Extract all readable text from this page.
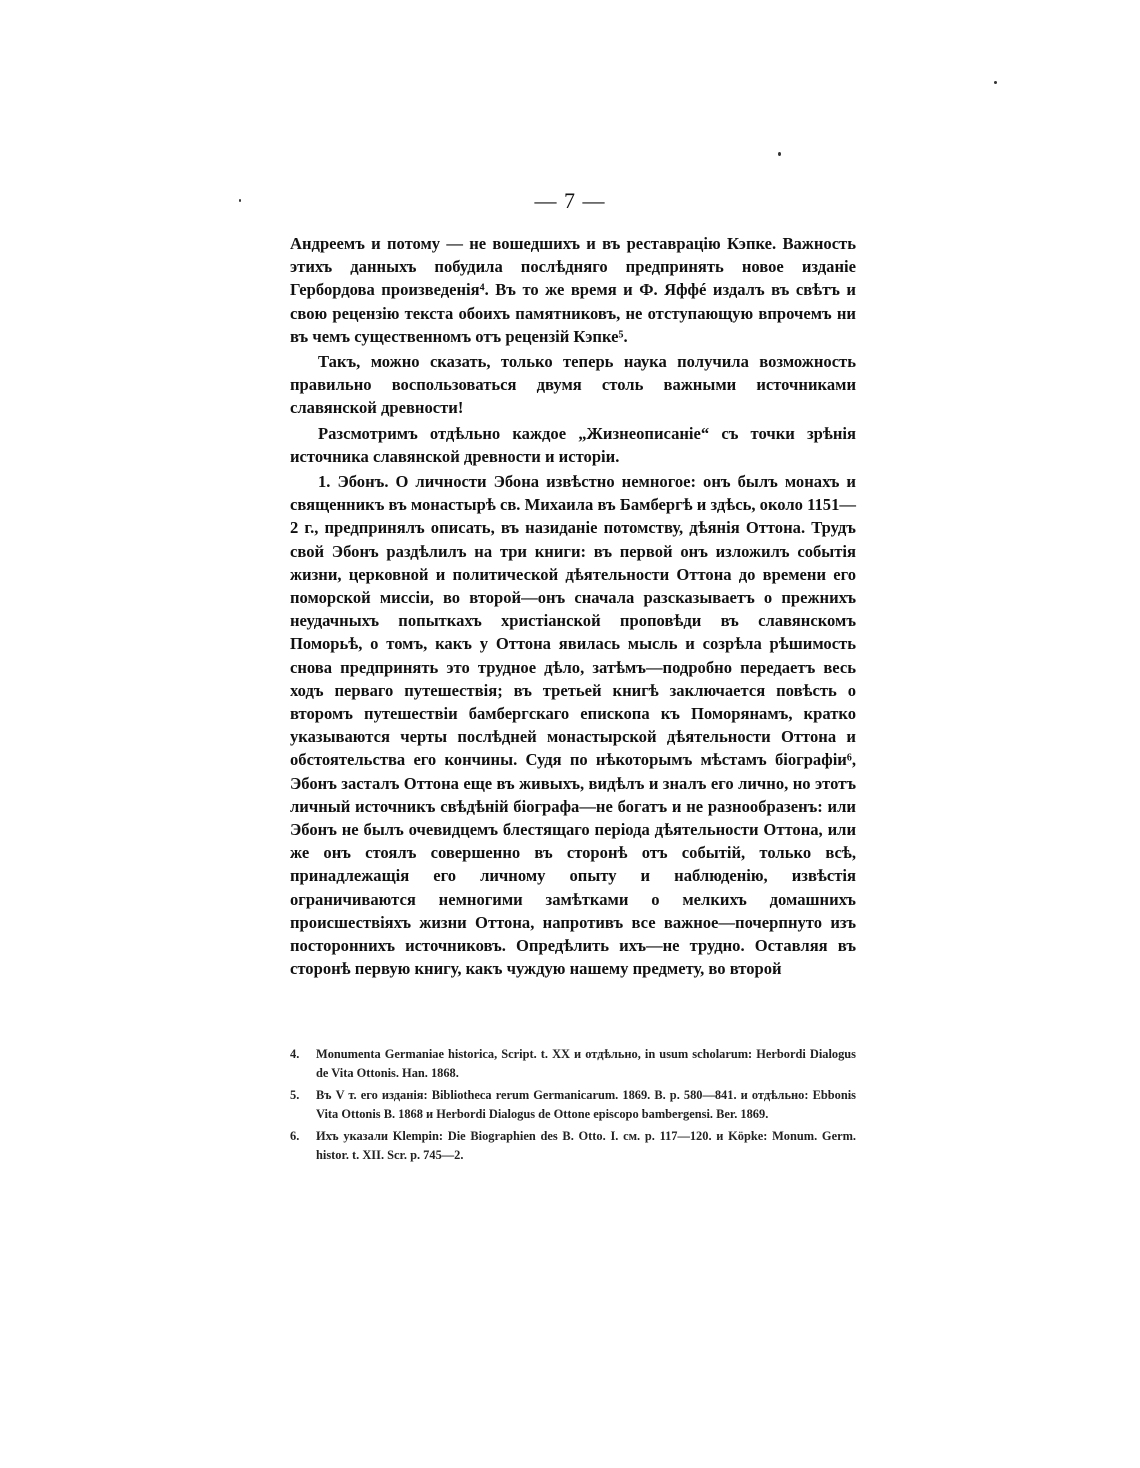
— 7 —

Андреемъ и потому — не вошедшихъ и въ реставрацію Кэпке. Важность этихъ данныхъ побудила послѣдняго предпринять новое изданіе Гербордова произведенія⁴. Въ то же время и Ф. Яффé издалъ въ свѣтъ и свою рецензію текста обоихъ памятниковъ, не отступающую впрочемъ ни въ чемъ существенномъ отъ рецензій Кэпке⁵.

Такъ, можно сказать, только теперь наука получила возможность правильно воспользоваться двумя столь важными источниками славянской древности!

Разсмотримъ отдѣльно каждое „Жизнеописаніе“ съ точки зрѣнія источника славянской древности и исторіи.

1. Эбонъ. О личности Эбона извѣстно немногое: онъ былъ монахъ и священникъ въ монастырѣ св. Михаила въ Бамбергѣ и здѣсь, около 1151—2 г., предпринялъ описать, въ назиданіе потомству, дѣянія Оттона. Трудъ свой Эбонъ раздѣлилъ на три книги: въ первой онъ изложилъ событія жизни, церковной и политической дѣятельности Оттона до времени его поморской миссіи, во второй—онъ сначала разсказываетъ о прежнихъ неудачныхъ попыткахъ христіанской проповѣди въ славянскомъ Поморьѣ, о томъ, какъ у Оттона явилась мысль и созрѣла рѣшимость снова предпринять это трудное дѣло, затѣмъ—подробно передаетъ весь ходъ перваго путешествія; въ третьей книгѣ заключается повѣсть о второмъ путешествіи бамбергскаго епископа къ Поморянамъ, кратко указываются черты послѣдней монастырской дѣятельности Оттона и обстоятельства его кончины. Судя по нѣкоторымъ мѣстамъ біографіи⁶, Эбонъ засталъ Оттона еще въ живыхъ, видѣлъ и зналъ его лично, но этотъ личный источникъ свѣдѣній біографа—не богатъ и не разнообразенъ: или Эбонъ не былъ очевидцемъ блестящаго періода дѣятельности Оттона, или же онъ стоялъ совершенно въ сторонѣ отъ событій, только всѣ, принадлежащія его личному опыту и наблюденію, извѣстія ограничиваются немногими замѣтками о мелкихъ домашнихъ происшествіяхъ жизни Оттона, напротивъ все важное—почерпнуто изъ постороннихъ источниковъ. Опредѣлить ихъ—не трудно. Оставляя въ сторонѣ первую книгу, какъ чуждую нашему предмету, во второй

4. Monumenta Germaniae historica, Script. t. XX и отдѣльно, in usum scholarum: Herbordi Dialogus de Vita Ottonis. Han. 1868.

5. Въ V т. его изданія: Bibliotheca rerum Germanicarum. 1869. B. p. 580—841. и отдѣльно: Ebbonis Vita Ottonis B. 1868 и Herbordi Dialogus de Ottone episcopo bambergensi. Ber. 1869.

6. Ихъ указали Klempin: Die Biographien des B. Otto. I. см. p. 117—120. и Köpke: Monum. Germ. histor. t. XII. Scr. p. 745—2.
